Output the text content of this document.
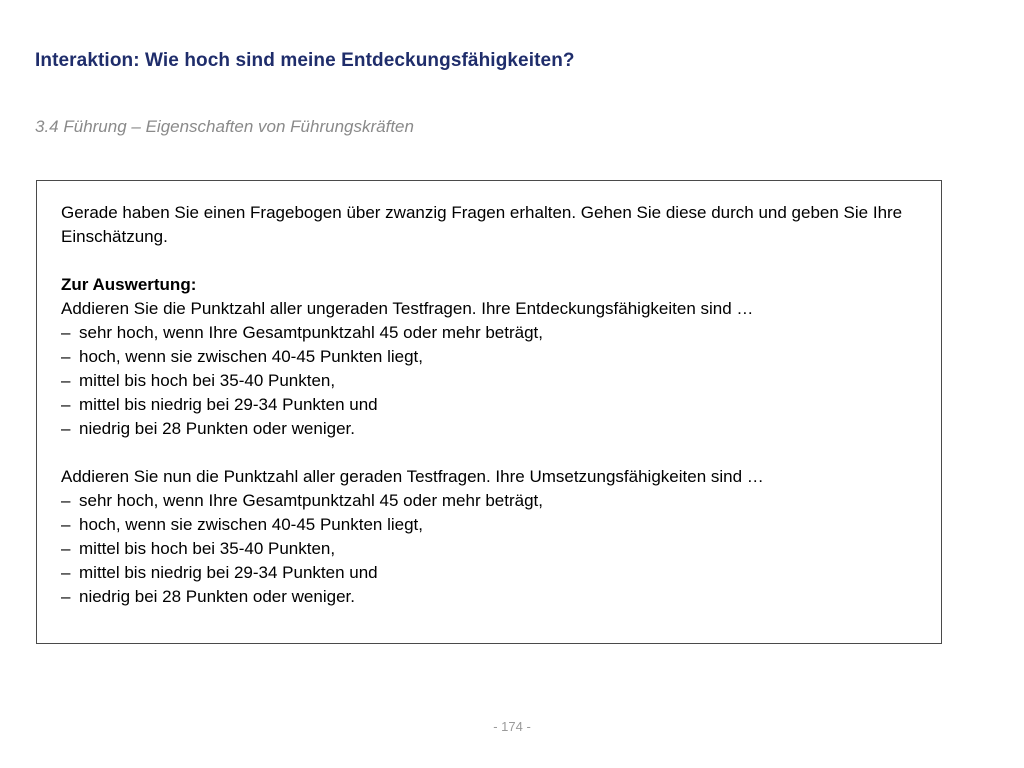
Interaktion: Wie hoch sind meine Entdeckungsfähigkeiten?
3.4 Führung – Eigenschaften von Führungskräften

Gerade haben Sie einen Fragebogen über zwanzig Fragen erhalten. Gehen Sie diese durch und geben Sie Ihre Einschätzung.

Zur Auswertung:

Addieren Sie die Punktzahl aller ungeraden Testfragen. Ihre Entdeckungsfähigkeiten sind …

– sehr hoch, wenn Ihre Gesamtpunktzahl 45 oder mehr beträgt,
– hoch, wenn sie zwischen 40-45 Punkten liegt,
– mittel bis hoch bei 35-40 Punkten,
– mittel bis niedrig bei 29-34 Punkten und
– niedrig bei 28 Punkten oder weniger.

Addieren Sie nun die Punktzahl aller geraden Testfragen. Ihre Umsetzungsfähigkeiten sind …

– sehr hoch, wenn Ihre Gesamtpunktzahl 45 oder mehr beträgt,
– hoch, wenn sie zwischen 40-45 Punkten liegt,
– mittel bis hoch bei 35-40 Punkten,
– mittel bis niedrig bei 29-34 Punkten und
– niedrig bei 28 Punkten oder weniger.
- 174 -
